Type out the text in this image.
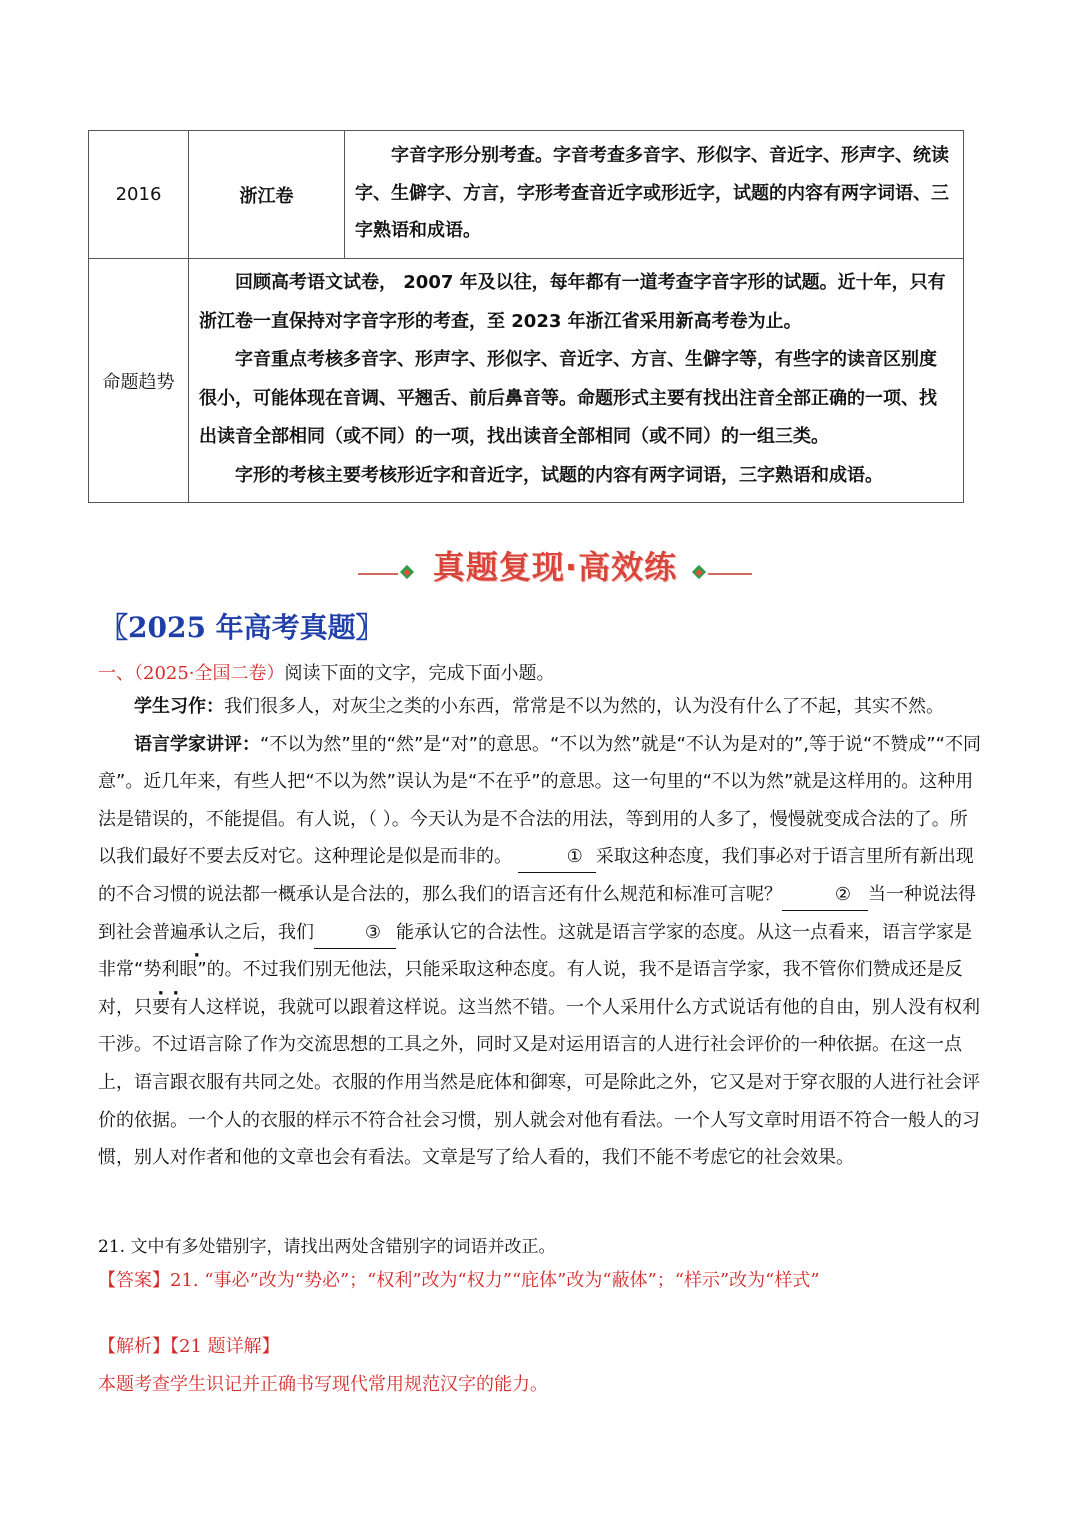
2016	浙江卷	字音字形分别考查。字音考查多音字、形似字、音近字、形声字、统读字、生僻字、方言，字形考查音近字或形近字，试题的内容有两字词语、三字熟语和成语。

命题趋势	回顾高考语文试卷， 2007 年及以往，每年都有一道考查字音字形的试题。近十年，只有浙江卷一直保持对字音字形的考查，至 2023 年浙江省采用新高考卷为止。
字音重点考核多音字、形声字、形似字、音近字、方言、生僻字等，有些字的读音区别度很小，可能体现在音调、平翘舌、前后鼻音等。命题形式主要有找出注音全部正确的一项、找出读音全部相同（或不同）的一项，找出读音全部相同（或不同）的一组三类。
字形的考核主要考核形近字和音近字，试题的内容有两字词语，三字熟语和成语。	
真题复现·高效练
〖2025 年高考真题〗
一、（2025·全国二卷）阅读下面的文字，完成下面小题。

学生习作：我们很多人，对灰尘之类的小东西，常常是不以为然的，认为没有什么了不起，其实不然。

语言学家讲评：“不以为然”里的“然”是“对”的意思。“不以为然”就是“不认为是对的”,等于说“不赞成”“不同意”。近几年来，有些人把“不以为然”误认为是“不在乎”的意思。这一句里的“不以为然”就是这样用的。这种用法是错误的，不能提倡。有人说，（ ）。今天认为是不合法的用法，等到用的人多了，慢慢就变成合法的了。所以我们最好不要去反对它。这种理论是似是而非的。	① 采取这种态度，我们事必对于语言里所有新出现的不合习惯的说法都一概承认是合法的，那么我们的语言还有什么规范和标准可言呢？	② 当一种说法得到社会普遍承认之后，我们	③ 能承认它的合法性。这就是语言学家的态度。从这一点看来，语言学家是非常“· · · 势利眼”的。不过我们别无他法，只能采取这种态度。有人说，我不是语言学家，我不管你们赞成还是反对，只要有人这样说，我就可以跟着这样说。这当然不错。一个人采用什么方式说话有他的自由，别人没有权利干涉。不过语言除了作为交流思想的工具之外，同时又是对运用语言的人进行社会评价的一种依据。在这一点上，语言跟衣服有共同之处。衣服的作用当然是庇体和御寒，可是除此之外，它又是对于穿衣服的人进行社会评价的依据。一个人的衣服的样示不符合社会习惯，别人就会对他有看法。一个人写文章时用语不符合一般人的习惯，别人对作者和他的文章也会有看法。文章是写了给人看的，我们不能不考虑它的社会效果。

21. 文中有多处错别字，请找出两处含错别字的词语并改正。
【答案】21. “事必”改为“势必”；“权利”改为“权力”“庇体”改为“蔽体”；“样示”改为“样式”
【解析】【21 题详解】
本题考查学生识记并正确书写现代常用规范汉字的能力。
